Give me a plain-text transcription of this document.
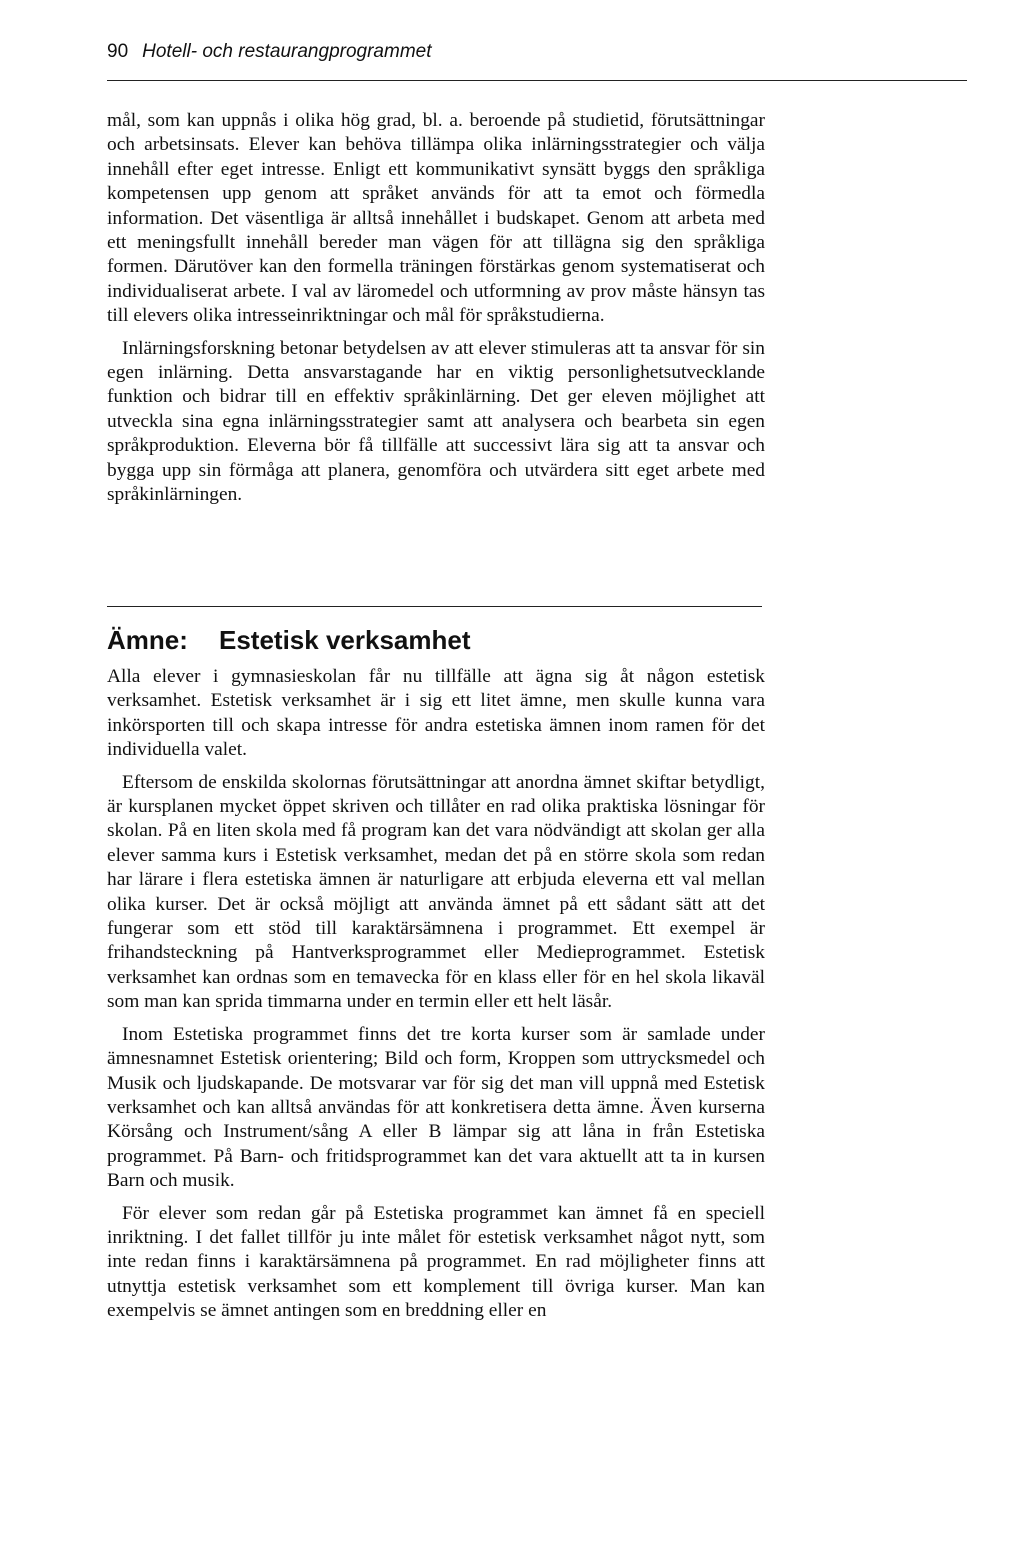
90 Hotell- och restaurangprogrammet

mål, som kan uppnås i olika hög grad, bl. a. beroende på studietid, förutsättningar och arbetsinsats. Elever kan behöva tillämpa olika inlärningsstrategier och välja innehåll efter eget intresse. Enligt ett kommunikativt synsätt byggs den språkliga kompetensen upp genom att språket används för att ta emot och förmedla information. Det väsentliga är alltså innehållet i budskapet. Genom att arbeta med ett meningsfullt innehåll bereder man vägen för att tillägna sig den språkliga formen. Därutöver kan den formella träningen förstärkas genom systematiserat och individualiserat arbete. I val av läromedel och utformning av prov måste hänsyn tas till elevers olika intresseinriktningar och mål för språkstudierna.

Inlärningsforskning betonar betydelsen av att elever stimuleras att ta ansvar för sin egen inlärning. Detta ansvarstagande har en viktig personlighetsutvecklande funktion och bidrar till en effektiv språkinlärning. Det ger eleven möjlighet att utveckla sina egna inlärningsstrategier samt att analysera och bearbeta sin egen språkproduktion. Eleverna bör få tillfälle att successivt lära sig att ta ansvar och bygga upp sin förmåga att planera, genomföra och utvärdera sitt eget arbete med språkinlärningen.

Ämne: Estetisk verksamhet

Alla elever i gymnasieskolan får nu tillfälle att ägna sig åt någon estetisk verksamhet. Estetisk verksamhet är i sig ett litet ämne, men skulle kunna vara inkörsporten till och skapa intresse för andra estetiska ämnen inom ramen för det individuella valet.

Eftersom de enskilda skolornas förutsättningar att anordna ämnet skiftar betydligt, är kursplanen mycket öppet skriven och tillåter en rad olika praktiska lösningar för skolan. På en liten skola med få program kan det vara nödvändigt att skolan ger alla elever samma kurs i Estetisk verksamhet, medan det på en större skola som redan har lärare i flera estetiska ämnen är naturligare att erbjuda eleverna ett val mellan olika kurser. Det är också möjligt att använda ämnet på ett sådant sätt att det fungerar som ett stöd till karaktärsämnena i programmet. Ett exempel är frihandsteckning på Hantverksprogrammet eller Medieprogrammet. Estetisk verksamhet kan ordnas som en temavecka för en klass eller för en hel skola likaväl som man kan sprida timmarna under en termin eller ett helt läsår.

Inom Estetiska programmet finns det tre korta kurser som är samlade under ämnesnamnet Estetisk orientering; Bild och form, Kroppen som uttrycksmedel och Musik och ljudskapande. De motsvarar var för sig det man vill uppnå med Estetisk verksamhet och kan alltså användas för att konkretisera detta ämne. Även kurserna Körsång och Instrument/sång A eller B lämpar sig att låna in från Estetiska programmet. På Barn- och fritidsprogrammet kan det vara aktuellt att ta in kursen Barn och musik.

För elever som redan går på Estetiska programmet kan ämnet få en speciell inriktning. I det fallet tillför ju inte målet för estetisk verksamhet något nytt, som inte redan finns i karaktärsämnena på programmet. En rad möjligheter finns att utnyttja estetisk verksamhet som ett komplement till övriga kurser. Man kan exempelvis se ämnet antingen som en breddning eller en
